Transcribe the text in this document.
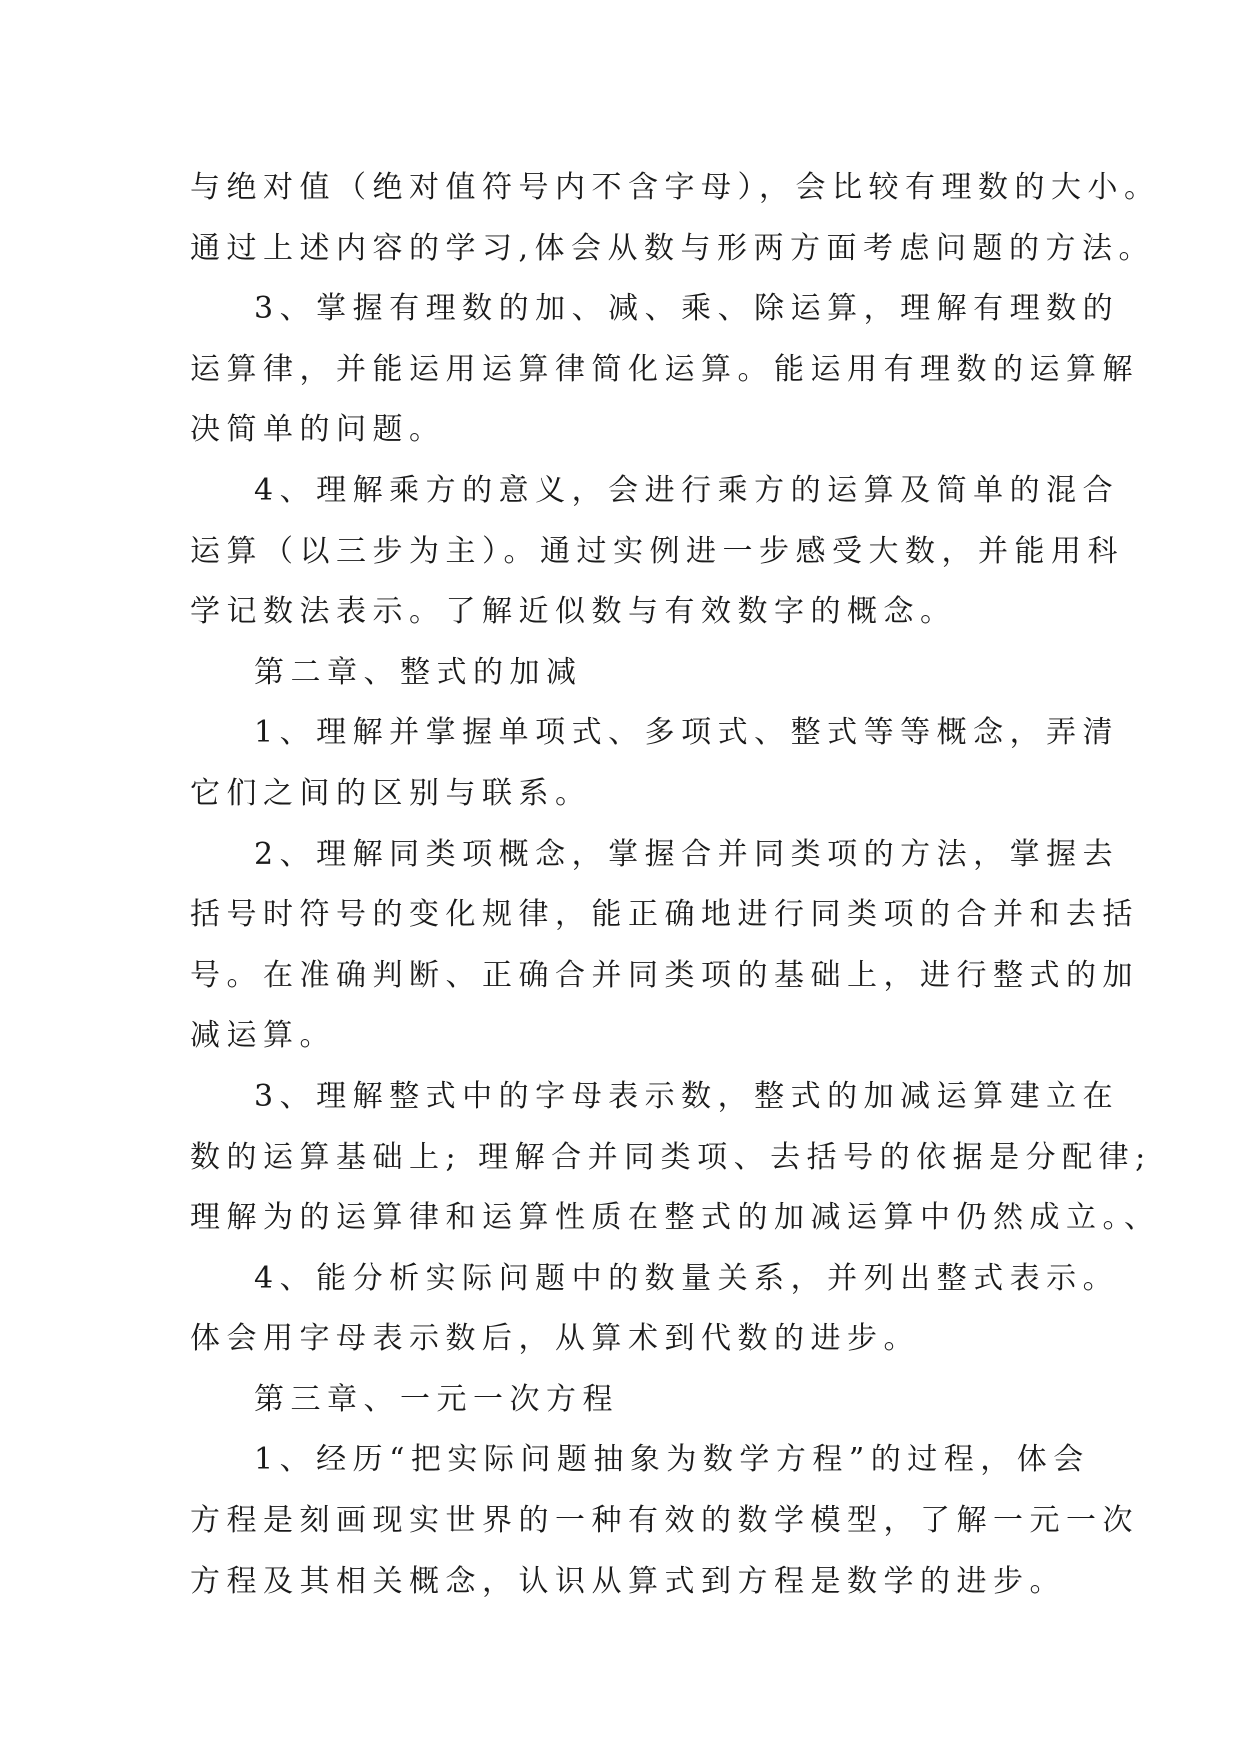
与绝对值（绝对值符号内不含字母），会比较有理数的大小。
通过上述内容的学习,体会从数与形两方面考虑问题的方法。
3、掌握有理数的加、减、乘、除运算，理解有理数的
运算律，并能运用运算律简化运算。能运用有理数的运算解
决简单的问题。
4、理解乘方的意义，会进行乘方的运算及简单的混合
运算（以三步为主）。通过实例进一步感受大数，并能用科
学记数法表示。了解近似数与有效数字的概念。
第二章、整式的加减
1、理解并掌握单项式、多项式、整式等等概念，弄清
它们之间的区别与联系。
2、理解同类项概念，掌握合并同类项的方法，掌握去
括号时符号的变化规律，能正确地进行同类项的合并和去括
号。在准确判断、正确合并同类项的基础上，进行整式的加
减运算。
3、理解整式中的字母表示数，整式的加减运算建立在
数的运算基础上; 理解合并同类项、去括号的依据是分配律;
理解为的运算律和运算性质在整式的加减运算中仍然成立。、
4、能分析实际问题中的数量关系，并列出整式表示。
体会用字母表示数后，从算术到代数的进步。
第三章、一元一次方程
1、经历“把实际问题抽象为数学方程”的过程，体会
方程是刻画现实世界的一种有效的数学模型，了解一元一次
方程及其相关概念，认识从算式到方程是数学的进步。
